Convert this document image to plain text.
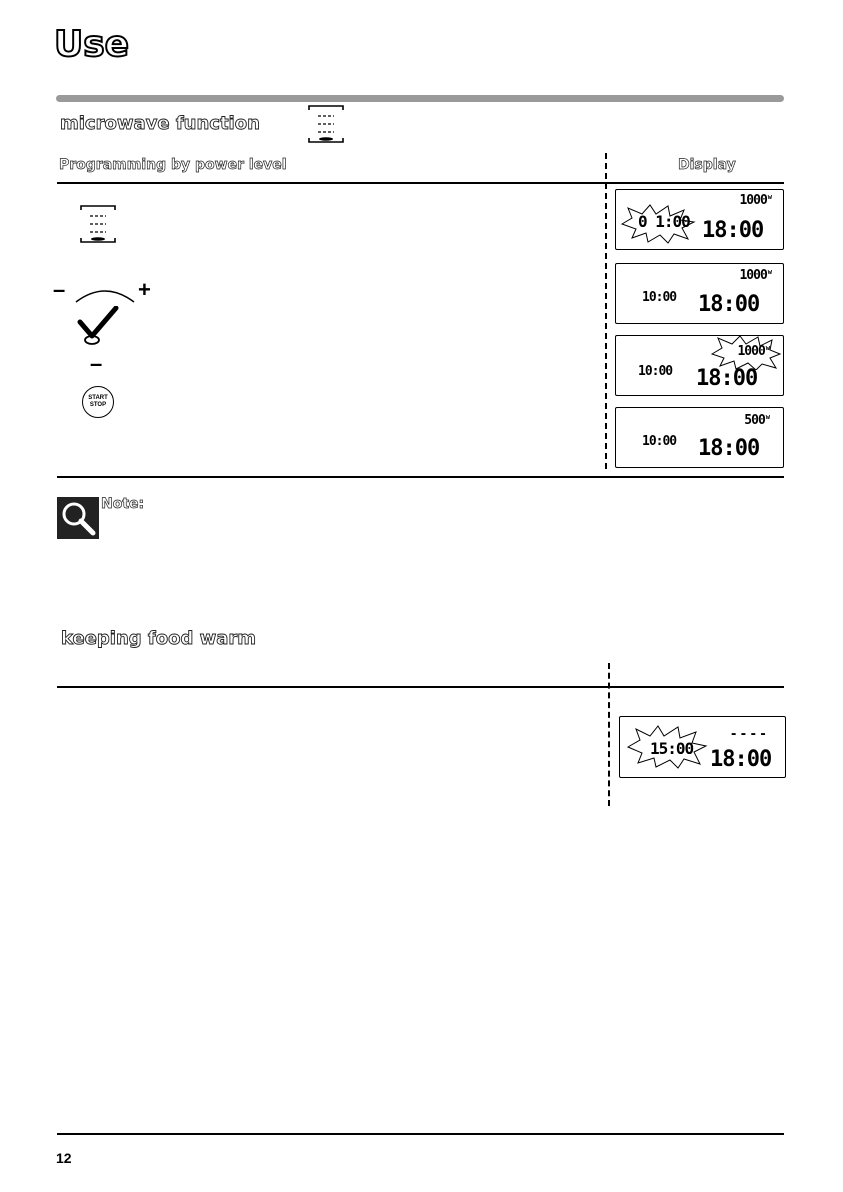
Use
microwave function
Programming by power level	Display
–	+
–
START
STOP
1000$^w$
0 1:00 18:00
1000$^w$
10:00 18:00
1000$^w$
10:00 18:00
500$^w$
10:00 18:00
Note:
keeping food warm
15:00
----
18:00
12
